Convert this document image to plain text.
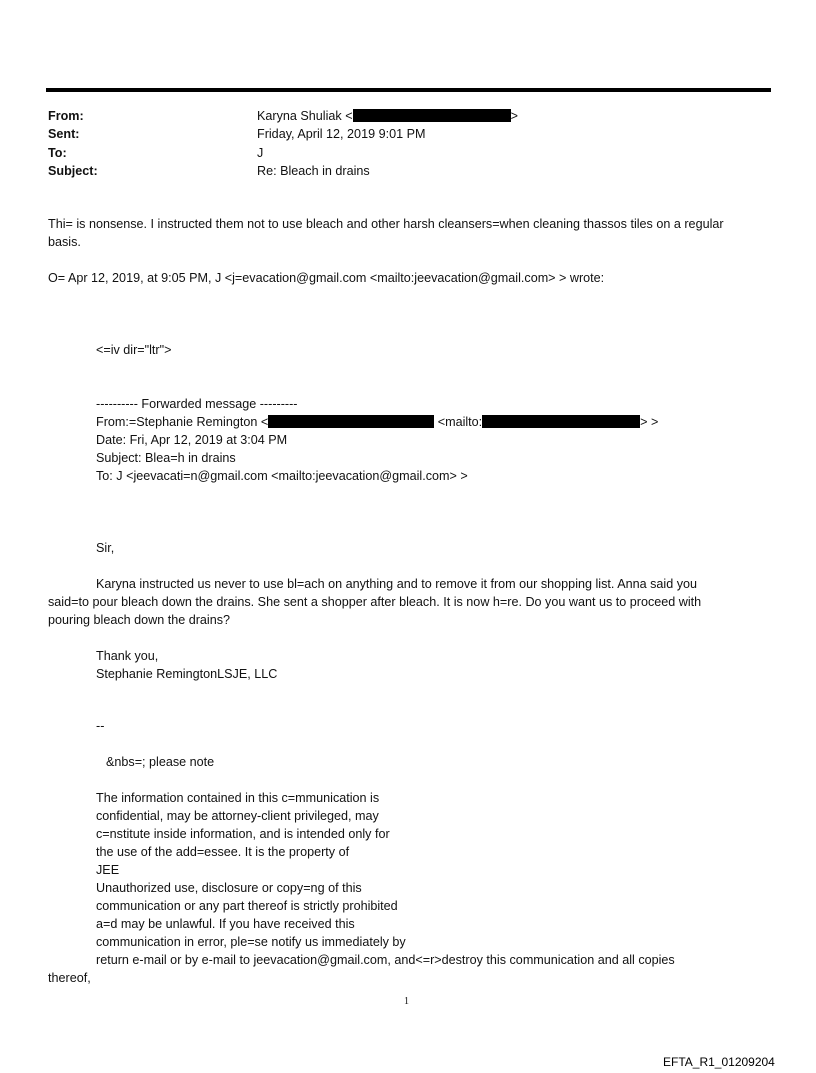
From:	Karyna Shuliak <	>
Sent:	Friday, April 12, 2019 9:01 PM
To:	J
Subject:	Re: Bleach in drains
Thi= is nonsense. I instructed them not to use bleach and other harsh cleansers=when cleaning thassos tiles on a regular
basis.
O= Apr 12, 2019, at 9:05 PM, J <j=evacation@gmail.com <mailto:jeevacation@gmail.com> > wrote:
<=iv dir="ltr">
---------- Forwarded message ---------
From:=Stephanie Remington <	<mailto:	> >
Date: Fri, Apr 12, 2019 at 3:04 PM
Subject: Blea=h in drains
To: J <jeevacati=n@gmail.com <mailto:jeevacation@gmail.com> >
Sir,
Karyna instructed us never to use bl=ach on anything and to remove it from our shopping list. Anna said you
said=to pour bleach down the drains. She sent a shopper after bleach. It is now h=re. Do you want us to proceed with
pouring bleach down the drains?
Thank you,
Stephanie RemingtonLSJE, LLC
--
&nbs=; please note
The information contained in this c=mmunication is
confidential, may be attorney-client privileged, may
c=nstitute inside information, and is intended only for
the use of the add=essee. It is the property of
JEE
Unauthorized use, disclosure or copy=ng of this
communication or any part thereof is strictly prohibited
a=d may be unlawful. If you have received this
communication in error, ple=se notify us immediately by
return e-mail or by e-mail to jeevacation@gmail.com, and<=r>destroy this communication and all copies
thereof,
1
EFTA_R1_01209204
